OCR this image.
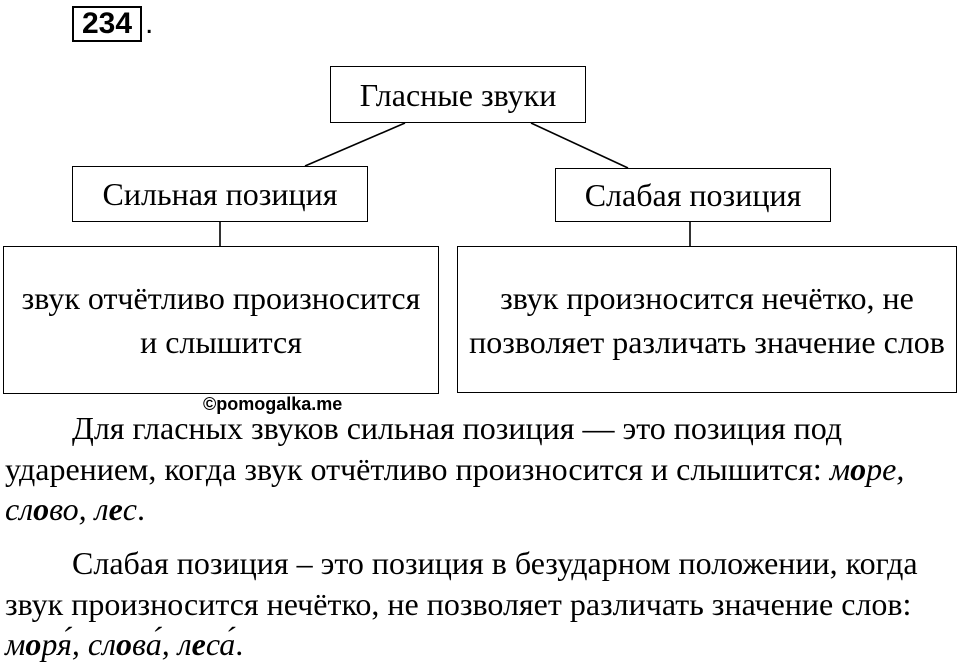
234 .
Гласные звуки
Сильная позиция	Слабая позиция
звук отчётливо произносится и слышится
звук произносится нечётко, не позволяет различать значение слов
©pomogalka.me

Для гласных звуков сильная позиция — это позиция под ударением, когда звук отчётливо произносится и слышится: море, слово, лес.

Слабая позиция – это позиция в безударном положении, когда звук произносится нечётко, не позволяет различать значение слов: моря́, слова́, леса́.
